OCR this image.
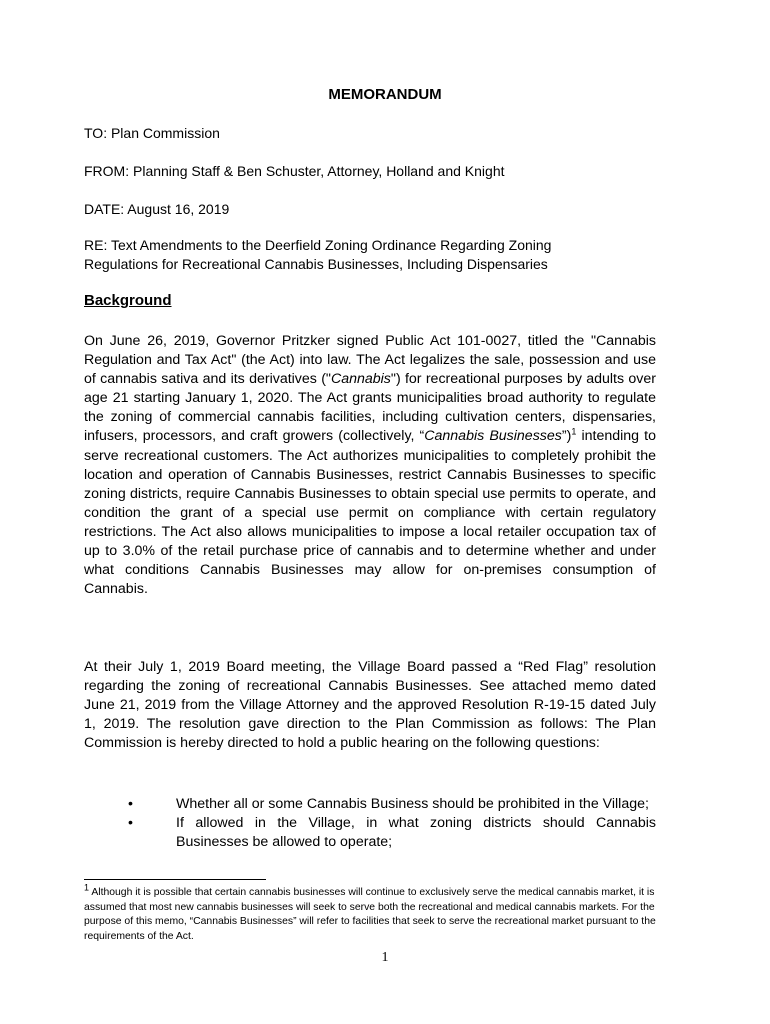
MEMORANDUM
TO: Plan Commission
FROM: Planning Staff & Ben Schuster, Attorney, Holland and Knight
DATE: August 16, 2019
RE: Text Amendments to the Deerfield Zoning Ordinance Regarding Zoning Regulations for Recreational Cannabis Businesses, Including Dispensaries
Background
On June 26, 2019, Governor Pritzker signed Public Act 101-0027, titled the "Cannabis Regulation and Tax Act" (the Act) into law. The Act legalizes the sale, possession and use of cannabis sativa and its derivatives ("Cannabis") for recreational purposes by adults over age 21 starting January 1, 2020. The Act grants municipalities broad authority to regulate the zoning of commercial cannabis facilities, including cultivation centers, dispensaries, infusers, processors, and craft growers (collectively, “Cannabis Businesses”)$^1$ intending to serve recreational customers. The Act authorizes municipalities to completely prohibit the location and operation of Cannabis Businesses, restrict Cannabis Businesses to specific zoning districts, require Cannabis Businesses to obtain special use permits to operate, and condition the grant of a special use permit on compliance with certain regulatory restrictions. The Act also allows municipalities to impose a local retailer occupation tax of up to 3.0% of the retail purchase price of cannabis and to determine whether and under what conditions Cannabis Businesses may allow for on-premises consumption of Cannabis.
At their July 1, 2019 Board meeting, the Village Board passed a “Red Flag” resolution regarding the zoning of recreational Cannabis Businesses. See attached memo dated June 21, 2019 from the Village Attorney and the approved Resolution R-19-15 dated July 1, 2019. The resolution gave direction to the Plan Commission as follows: The Plan Commission is hereby directed to hold a public hearing on the following questions:
•	Whether all or some Cannabis Business should be prohibited in the Village;
•	If allowed in the Village, in what zoning districts should Cannabis Businesses be allowed to operate;
$^1$ Although it is possible that certain cannabis businesses will continue to exclusively serve the medical cannabis market, it is assumed that most new cannabis businesses will seek to serve both the recreational and medical cannabis markets. For the purpose of this memo, “Cannabis Businesses” will refer to facilities that seek to serve the recreational market pursuant to the requirements of the Act.
1
